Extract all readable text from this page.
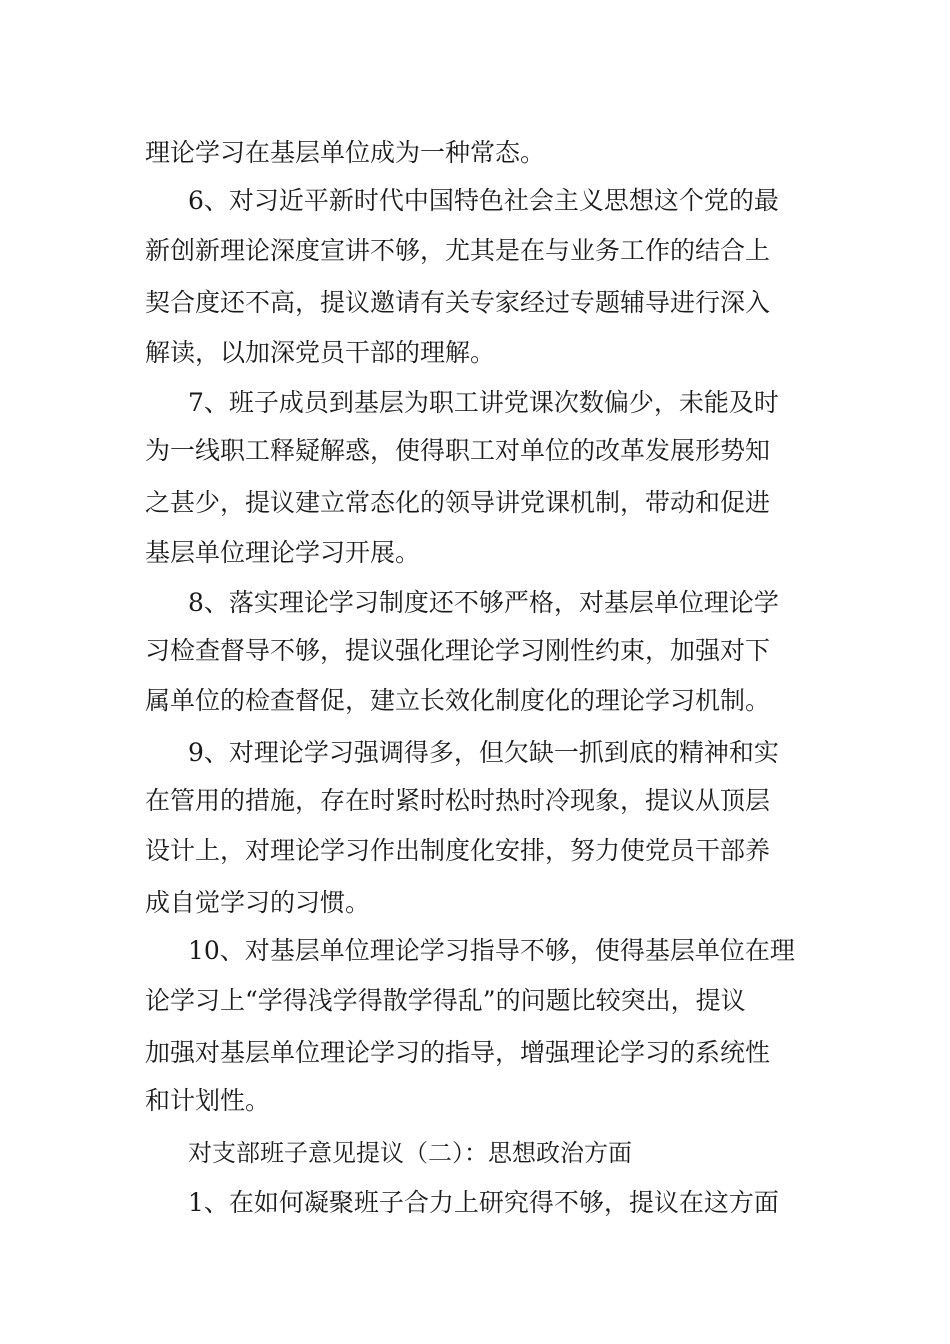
理论学习在基层单位成为一种常态。
6、对习近平新时代中国特色社会主义思想这个党的最
新创新理论深度宣讲不够，尤其是在与业务工作的结合上
契合度还不高，提议邀请有关专家经过专题辅导进行深入
解读，以加深党员干部的理解。
7、班子成员到基层为职工讲党课次数偏少，未能及时
为一线职工释疑解惑，使得职工对单位的改革发展形势知
之甚少，提议建立常态化的领导讲党课机制，带动和促进
基层单位理论学习开展。
8、落实理论学习制度还不够严格，对基层单位理论学
习检查督导不够，提议强化理论学习刚性约束，加强对下
属单位的检查督促，建立长效化制度化的理论学习机制。
9、对理论学习强调得多，但欠缺一抓到底的精神和实
在管用的措施，存在时紧时松时热时冷现象，提议从顶层
设计上，对理论学习作出制度化安排，努力使党员干部养
成自觉学习的习惯。
10、对基层单位理论学习指导不够，使得基层单位在理
论学习上“学得浅学得散学得乱”的问题比较突出，提议
加强对基层单位理论学习的指导，增强理论学习的系统性
和计划性。
对支部班子意见提议（二）：思想政治方面
1、在如何凝聚班子合力上研究得不够，提议在这方面
